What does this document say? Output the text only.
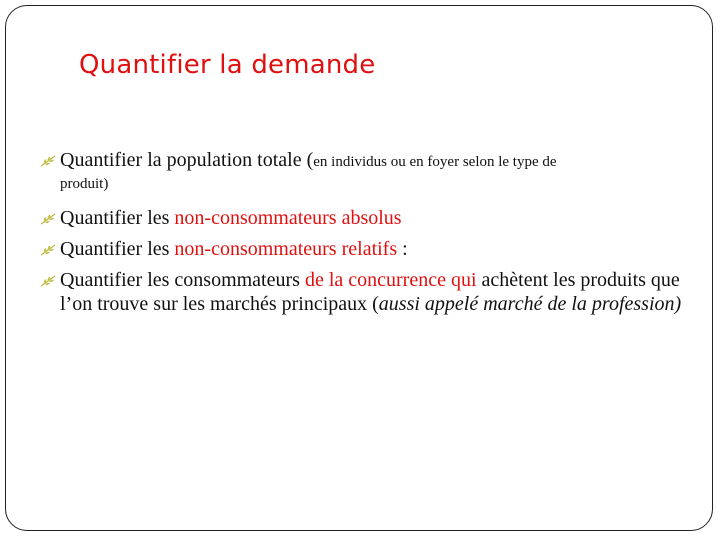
Quantifier la demande
Quantifier la population totale (en individus ou en foyer selon le type de
produit)
Quantifier les non-consommateurs absolus
Quantifier les non-consommateurs relatifs :
Quantifier les consommateurs de la concurrence qui achètent les produits que l’on trouve sur les marchés principaux (aussi appelé marché de la profession)
